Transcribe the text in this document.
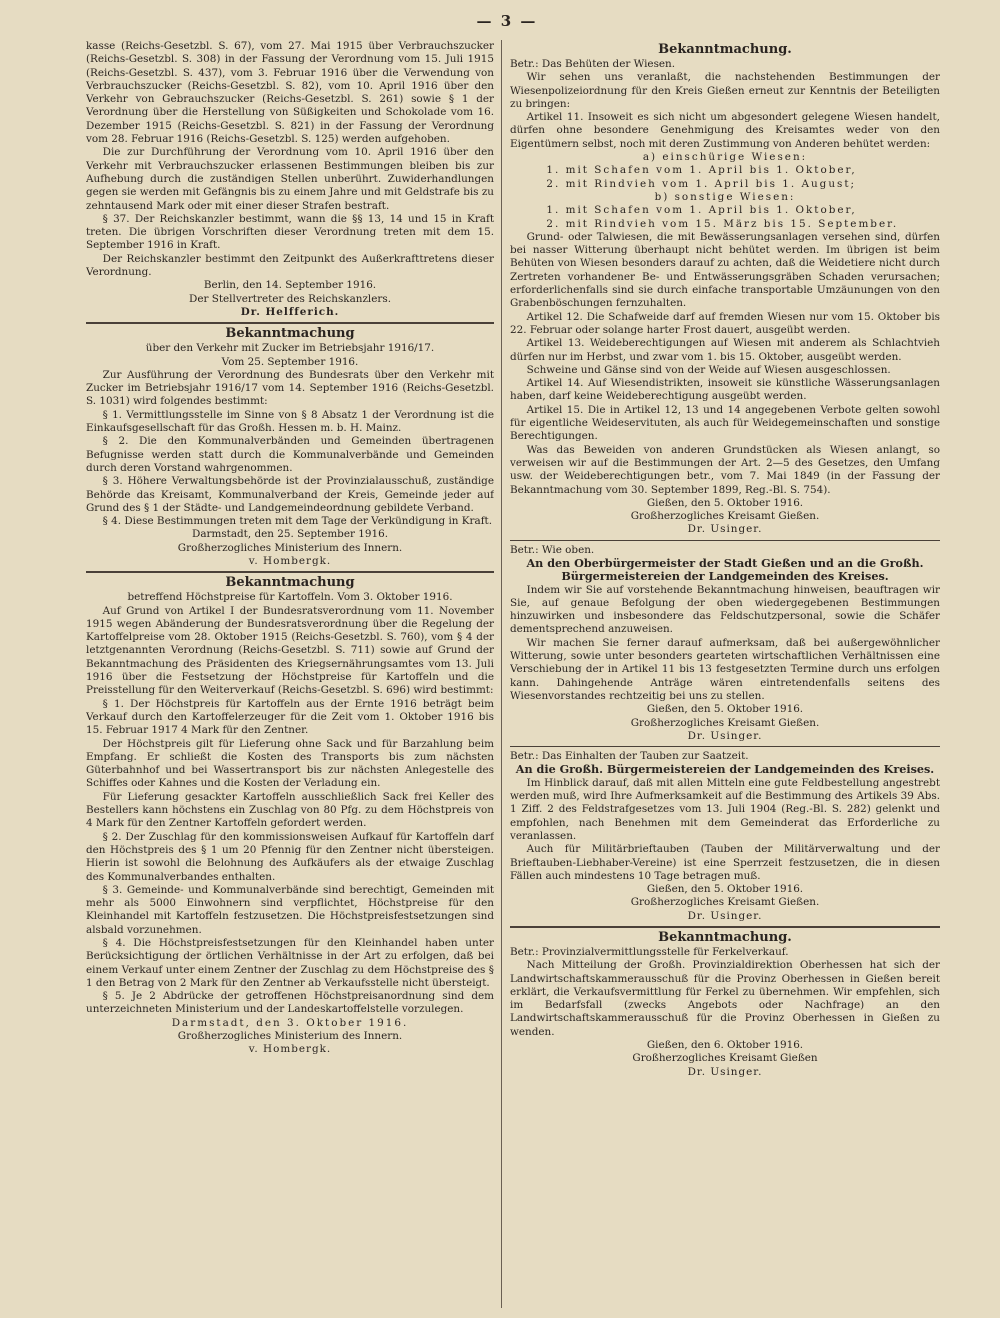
— 3 —

kasse (Reichs-Gesetzbl. S. 67), vom 27. Mai 1915 über Verbrauchszucker (Reichs-Gesetzbl. S. 308) in der Fassung der Verordnung vom 15. Juli 1915 (Reichs-Gesetzbl. S. 437), vom 3. Februar 1916 über die Verwendung von Verbrauchszucker (Reichs-Gesetzbl. S. 82), vom 10. April 1916 über den Verkehr von Gebrauchszucker (Reichs-Gesetzbl. S. 261) sowie § 1 der Verordnung über die Herstellung von Süßigkeiten und Schokolade vom 16. Dezember 1915 (Reichs-Gesetzbl. S. 821) in der Fassung der Verordnung vom 28. Februar 1916 (Reichs-Gesetzbl. S. 125) werden aufgehoben.

Die zur Durchführung der Verordnung vom 10. April 1916 über den Verkehr mit Verbrauchszucker erlassenen Bestimmungen bleiben bis zur Aufhebung durch die zuständigen Stellen unberührt. Zuwiderhandlungen gegen sie werden mit Gefängnis bis zu einem Jahre und mit Geldstrafe bis zu zehntausend Mark oder mit einer dieser Strafen bestraft.

§ 37. Der Reichskanzler bestimmt, wann die §§ 13, 14 und 15 in Kraft treten. Die übrigen Vorschriften dieser Verordnung treten mit dem 15. September 1916 in Kraft.

Der Reichskanzler bestimmt den Zeitpunkt des Außerkrafttretens dieser Verordnung.

Berlin, den 14. September 1916.

Der Stellvertreter des Reichskanzlers.

Dr. Helfferich.

Bekanntmachung

über den Verkehr mit Zucker im Betriebsjahr 1916/17.

Vom 25. September 1916.

Zur Ausführung der Verordnung des Bundesrats über den Verkehr mit Zucker im Betriebsjahr 1916/17 vom 14. September 1916 (Reichs-Gesetzbl. S. 1031) wird folgendes bestimmt:

§ 1. Vermittlungsstelle im Sinne von § 8 Absatz 1 der Verordnung ist die Einkaufsgesellschaft für das Großh. Hessen m. b. H. Mainz.

§ 2. Die den Kommunalverbänden und Gemeinden übertragenen Befugnisse werden statt durch die Kommunalverbände und Gemeinden durch deren Vorstand wahrgenommen.

§ 3. Höhere Verwaltungsbehörde ist der Provinzialausschuß, zuständige Behörde das Kreisamt, Kommunalverband der Kreis, Gemeinde jeder auf Grund des § 1 der Städte- und Landgemeindeordnung gebildete Verband.

§ 4. Diese Bestimmungen treten mit dem Tage der Verkündigung in Kraft.

Darmstadt, den 25. September 1916.

Großherzogliches Ministerium des Innern.

v. Hombergk.

Bekanntmachung

betreffend Höchstpreise für Kartoffeln. Vom 3. Oktober 1916.

Auf Grund von Artikel I der Bundesratsverordnung vom 11. November 1915 wegen Abänderung der Bundesratsverordnung über die Regelung der Kartoffelpreise vom 28. Oktober 1915 (Reichs-Gesetzbl. S. 760), vom § 4 der letztgenannten Verordnung (Reichs-Gesetzbl. S. 711) sowie auf Grund der Bekanntmachung des Präsidenten des Kriegsernährungsamtes vom 13. Juli 1916 über die Festsetzung der Höchstpreise für Kartoffeln und die Preisstellung für den Weiterverkauf (Reichs-Gesetzbl. S. 696) wird bestimmt:

§ 1. Der Höchstpreis für Kartoffeln aus der Ernte 1916 beträgt beim Verkauf durch den Kartoffelerzeuger für die Zeit vom 1. Oktober 1916 bis 15. Februar 1917 4 Mark für den Zentner.

Der Höchstpreis gilt für Lieferung ohne Sack und für Barzahlung beim Empfang. Er schließt die Kosten des Transports bis zum nächsten Güterbahnhof und bei Wassertransport bis zur nächsten Anlegestelle des Schiffes oder Kahnes und die Kosten der Verladung ein.

Für Lieferung gesackter Kartoffeln ausschließlich Sack frei Keller des Bestellers kann höchstens ein Zuschlag von 80 Pfg. zu dem Höchstpreis von 4 Mark für den Zentner Kartoffeln gefordert werden.

§ 2. Der Zuschlag für den kommissionsweisen Aufkauf für Kartoffeln darf den Höchstpreis des § 1 um 20 Pfennig für den Zentner nicht übersteigen. Hierin ist sowohl die Belohnung des Aufkäufers als der etwaige Zuschlag des Kommunalverbandes enthalten.

§ 3. Gemeinde- und Kommunalverbände sind berechtigt, Gemeinden mit mehr als 5000 Einwohnern sind verpflichtet, Höchstpreise für den Kleinhandel mit Kartoffeln festzusetzen. Die Höchstpreisfestsetzungen sind alsbald vorzunehmen.

§ 4. Die Höchstpreisfestsetzungen für den Kleinhandel haben unter Berücksichtigung der örtlichen Verhältnisse in der Art zu erfolgen, daß bei einem Verkauf unter einem Zentner der Zuschlag zu dem Höchstpreise des § 1 den Betrag von 2 Mark für den Zentner ab Verkaufsstelle nicht übersteigt.

§ 5. Je 2 Abdrücke der getroffenen Höchstpreisanordnung sind dem unterzeichneten Ministerium und der Landeskartoffelstelle vorzulegen.

Darmstadt, den 3. Oktober 1916.

Großherzogliches Ministerium des Innern.

v. Hombergk.

Bekanntmachung.

Betr.: Das Behüten der Wiesen.

Wir sehen uns veranlaßt, die nachstehenden Bestimmungen der Wiesenpolizeiordnung für den Kreis Gießen erneut zur Kenntnis der Beteiligten zu bringen:

Artikel 11. Insoweit es sich nicht um abgesondert gelegene Wiesen handelt, dürfen ohne besondere Genehmigung des Kreisamtes weder von den Eigentümern selbst, noch mit deren Zustimmung von Anderen behütet werden:

a) einschürige Wiesen:

1. mit Schafen vom 1. April bis 1. Oktober,

2. mit Rindvieh vom 1. April bis 1. August;

b) sonstige Wiesen:

1. mit Schafen vom 1. April bis 1. Oktober,

2. mit Rindvieh vom 15. März bis 15. September.

Grund- oder Talwiesen, die mit Bewässerungsanlagen versehen sind, dürfen bei nasser Witterung überhaupt nicht behütet werden. Im übrigen ist beim Behüten von Wiesen besonders darauf zu achten, daß die Weidetiere nicht durch Zertreten vorhandener Be- und Entwässerungsgräben Schaden verursachen; erforderlichenfalls sind sie durch einfache transportable Umzäunungen von den Grabenböschungen fernzuhalten.

Artikel 12. Die Schafweide darf auf fremden Wiesen nur vom 15. Oktober bis 22. Februar oder solange harter Frost dauert, ausgeübt werden.

Artikel 13. Weideberechtigungen auf Wiesen mit anderem als Schlachtvieh dürfen nur im Herbst, und zwar vom 1. bis 15. Oktober, ausgeübt werden.

Schweine und Gänse sind von der Weide auf Wiesen ausgeschlossen.

Artikel 14. Auf Wiesendistrikten, insoweit sie künstliche Wässerungsanlagen haben, darf keine Weideberechtigung ausgeübt werden.

Artikel 15. Die in Artikel 12, 13 und 14 angegebenen Verbote gelten sowohl für eigentliche Weideservituten, als auch für Weidegemeinschaften und sonstige Berechtigungen.

Was das Beweiden von anderen Grundstücken als Wiesen anlangt, so verweisen wir auf die Bestimmungen der Art. 2—5 des Gesetzes, den Umfang usw. der Weideberechtigungen betr., vom 7. Mai 1849 (in der Fassung der Bekanntmachung vom 30. September 1899, Reg.-Bl. S. 754).

Gießen, den 5. Oktober 1916.

Großherzogliches Kreisamt Gießen.

Dr. Usinger.

Betr.: Wie oben.

An den Oberbürgermeister der Stadt Gießen und an die Großh. Bürgermeistereien der Landgemeinden des Kreises.

Indem wir Sie auf vorstehende Bekanntmachung hinweisen, beauftragen wir Sie, auf genaue Befolgung der oben wiedergegebenen Bestimmungen hinzuwirken und insbesondere das Feldschutzpersonal, sowie die Schäfer dementsprechend anzuweisen.

Wir machen Sie ferner darauf aufmerksam, daß bei außergewöhnlicher Witterung, sowie unter besonders gearteten wirtschaftlichen Verhältnissen eine Verschiebung der in Artikel 11 bis 13 festgesetzten Termine durch uns erfolgen kann. Dahingehende Anträge wären eintretendenfalls seitens des Wiesenvorstandes rechtzeitig bei uns zu stellen.

Gießen, den 5. Oktober 1916.

Großherzogliches Kreisamt Gießen.

Dr. Usinger.

Betr.: Das Einhalten der Tauben zur Saatzeit.

An die Großh. Bürgermeistereien der Landgemeinden des Kreises.

Im Hinblick darauf, daß mit allen Mitteln eine gute Feldbestellung angestrebt werden muß, wird Ihre Aufmerksamkeit auf die Bestimmung des Artikels 39 Abs. 1 Ziff. 2 des Feldstrafgesetzes vom 13. Juli 1904 (Reg.-Bl. S. 282) gelenkt und empfohlen, nach Benehmen mit dem Gemeinderat das Erforderliche zu veranlassen.

Auch für Militärbrieftauben (Tauben der Militärverwaltung und der Brieftauben-Liebhaber-Vereine) ist eine Sperrzeit festzusetzen, die in diesen Fällen auch mindestens 10 Tage betragen muß.

Gießen, den 5. Oktober 1916.

Großherzogliches Kreisamt Gießen.

Dr. Usinger.

Bekanntmachung.

Betr.: Provinzialvermittlungsstelle für Ferkelverkauf.

Nach Mitteilung der Großh. Provinzialdirektion Oberhessen hat sich der Landwirtschaftskammerausschuß für die Provinz Oberhessen in Gießen bereit erklärt, die Verkaufsvermittlung für Ferkel zu übernehmen. Wir empfehlen, sich im Bedarfsfall (zwecks Angebots oder Nachfrage) an den Landwirtschaftskammerausschuß für die Provinz Oberhessen in Gießen zu wenden.

Gießen, den 6. Oktober 1916.

Großherzogliches Kreisamt Gießen

Dr. Usinger.
